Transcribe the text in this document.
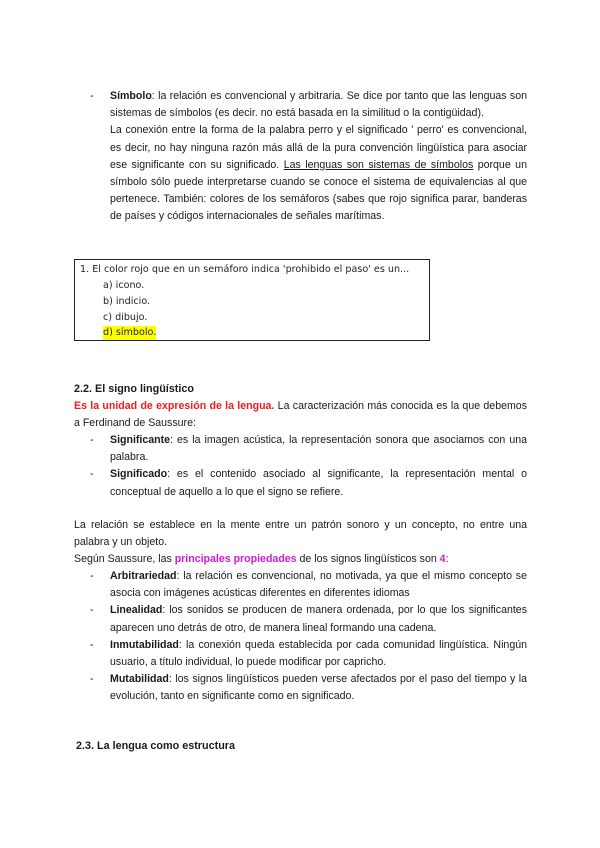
- Símbolo: la relación es convencional y arbitraria. Se dice por tanto que las lenguas son sistemas de símbolos (es decir. no está basada en la similitud o la contigüidad).
La conexión entre la forma de la palabra perro y el significado ' perro' es convencional, es decir, no hay ninguna razón más allá de la pura convención lingüística para asociar ese significante con su significado. Las lenguas son sistemas de símbolos porque un símbolo sólo puede interpretarse cuando se conoce el sistema de equivalencias al que pertenece. También: colores de los semáforos (sabes que rojo significa parar, banderas de países y códigos internacionales de señales marítimas.
1. El color rojo que en un semáforo indica 'prohibido el paso' es un...
a) icono.
b) indicio.
c) dibujo.
d) símbolo.
2.2. El signo lingüístico
Es la unidad de expresión de la lengua. La caracterización más conocida es la que debemos a Ferdinand de Saussure:
- Significante: es la imagen acústica, la representación sonora que asociamos con una palabra.
- Significado: es el contenido asociado al significante, la representación mental o conceptual de aquello a lo que el signo se refiere.
La relación se establece en la mente entre un patrón sonoro y un concepto, no entre una palabra y un objeto.
Según Saussure, las principales propiedades de los signos lingüísticos son 4:
- Arbitrariedad: la relación es convencional, no motivada, ya que el mismo concepto se asocia con imágenes acústicas diferentes en diferentes idiomas
- Linealidad: los sonidos se producen de manera ordenada, por lo que los significantes aparecen uno detrás de otro, de manera lineal formando una cadena.
- Inmutabilidad: la conexión queda establecida por cada comunidad lingüística. Ningún usuario, a título individual, lo puede modificar por capricho.
- Mutabilidad: los signos lingüísticos pueden verse afectados por el paso del tiempo y la evolución, tanto en significante como en significado.
2.3. La lengua como estructura
